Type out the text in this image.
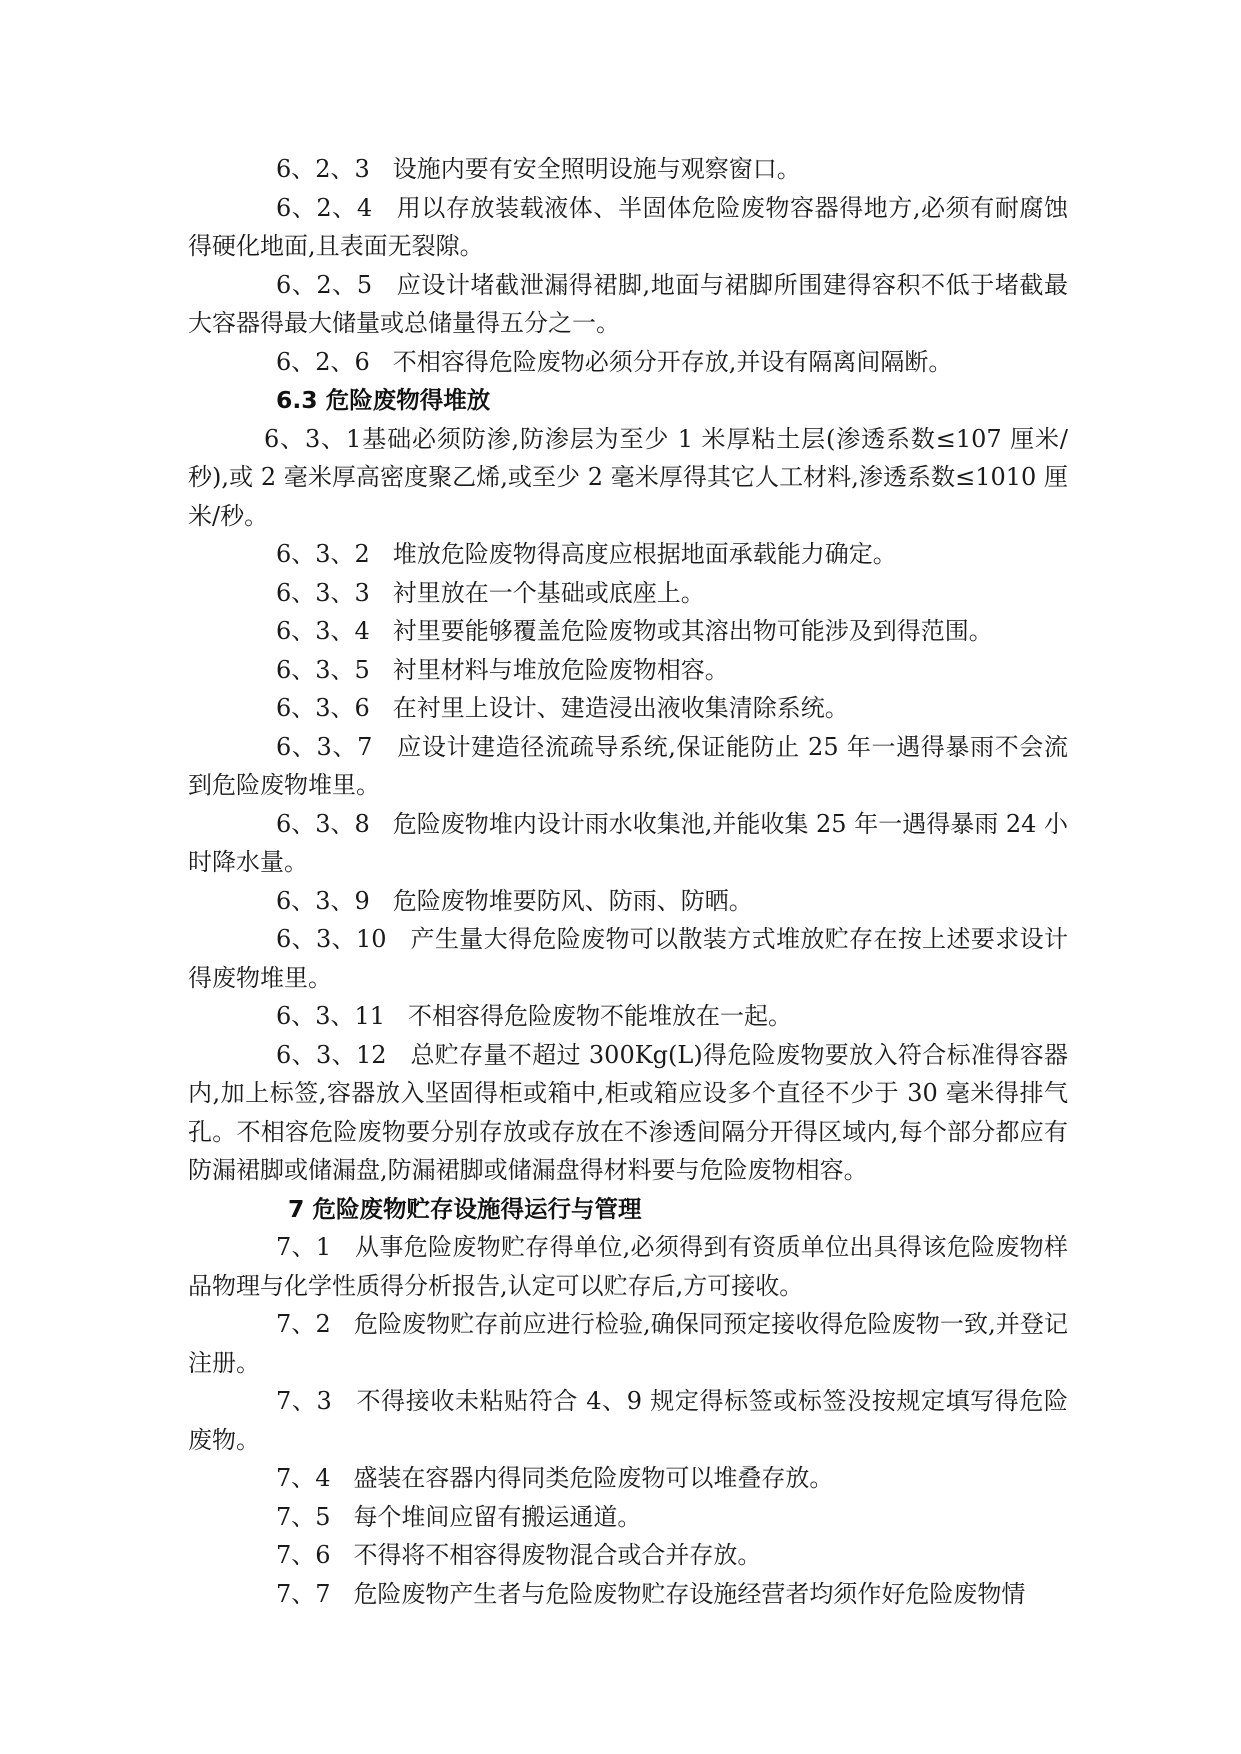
6、2、3 设施内要有安全照明设施与观察窗口。

6、2、4 用以存放装载液体、半固体危险废物容器得地方,必须有耐腐蚀得硬化地面,且表面无裂隙。

6、2、5 应设计堵截泄漏得裙脚,地面与裙脚所围建得容积不低于堵截最大容器得最大储量或总储量得五分之一。

6、2、6 不相容得危险废物必须分开存放,并设有隔离间隔断。

6.3 危险废物得堆放

6、3、1基础必须防渗,防渗层为至少 1 米厚粘土层(渗透系数≤107 厘米/秒),或 2 毫米厚高密度聚乙烯,或至少 2 毫米厚得其它人工材料,渗透系数≤1010 厘米/秒。

6、3、2 堆放危险废物得高度应根据地面承载能力确定。

6、3、3 衬里放在一个基础或底座上。

6、3、4 衬里要能够覆盖危险废物或其溶出物可能涉及到得范围。

6、3、5 衬里材料与堆放危险废物相容。

6、3、6 在衬里上设计、建造浸出液收集清除系统。

6、3、7 应设计建造径流疏导系统,保证能防止 25 年一遇得暴雨不会流到危险废物堆里。

6、3、8 危险废物堆内设计雨水收集池,并能收集 25 年一遇得暴雨 24 小时降水量。

6、3、9 危险废物堆要防风、防雨、防晒。

6、3、10 产生量大得危险废物可以散装方式堆放贮存在按上述要求设计得废物堆里。

6、3、11 不相容得危险废物不能堆放在一起。

6、3、12 总贮存量不超过 300Kg(L)得危险废物要放入符合标准得容器内,加上标签,容器放入坚固得柜或箱中,柜或箱应设多个直径不少于 30 毫米得排气孔。不相容危险废物要分别存放或存放在不渗透间隔分开得区域内,每个部分都应有防漏裙脚或储漏盘,防漏裙脚或储漏盘得材料要与危险废物相容。

7 危险废物贮存设施得运行与管理

7、1 从事危险废物贮存得单位,必须得到有资质单位出具得该危险废物样品物理与化学性质得分析报告,认定可以贮存后,方可接收。

7、2 危险废物贮存前应进行检验,确保同预定接收得危险废物一致,并登记注册。

7、3 不得接收未粘贴符合 4、9 规定得标签或标签没按规定填写得危险废物。

7、4 盛装在容器内得同类危险废物可以堆叠存放。

7、5 每个堆间应留有搬运通道。

7、6 不得将不相容得废物混合或合并存放。

7、7 危险废物产生者与危险废物贮存设施经营者均须作好危险废物情
